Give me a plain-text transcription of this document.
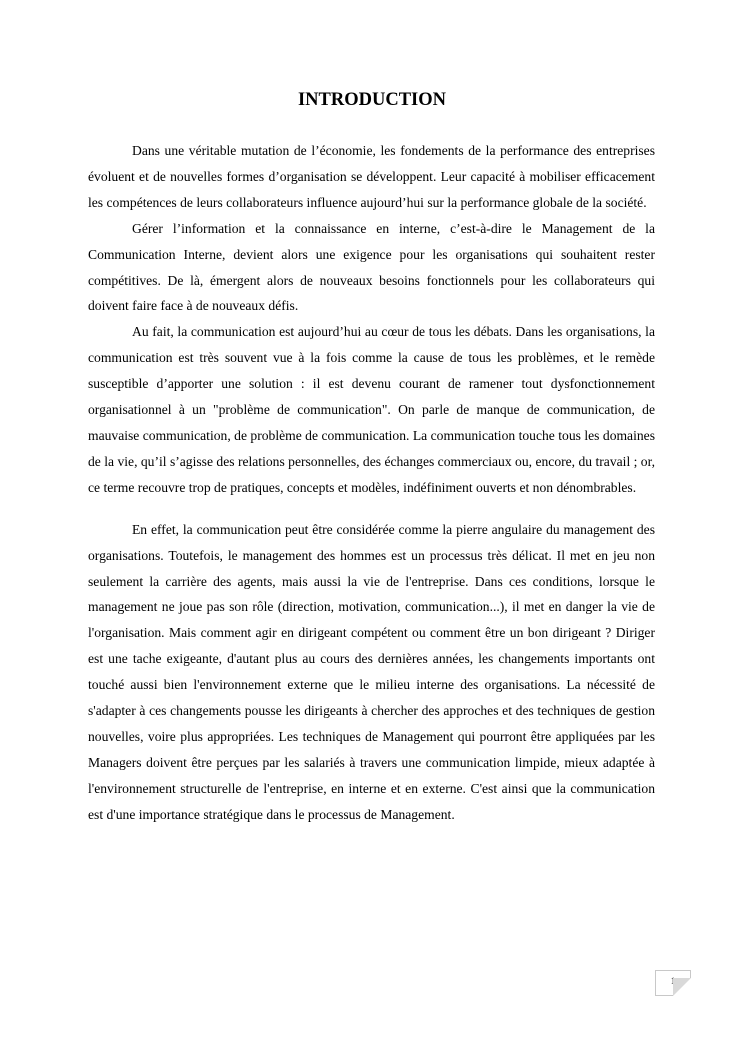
INTRODUCTION

Dans une véritable mutation de l’économie, les fondements de la performance des entreprises évoluent et de nouvelles formes d’organisation se développent. Leur capacité à mobiliser efficacement les compétences de leurs collaborateurs influence aujourd’hui sur la performance globale de la société.

Gérer l’information et la connaissance en interne, c’est-à-dire le Management de la Communication Interne, devient alors une exigence pour les organisations qui souhaitent rester compétitives. De là, émergent alors de nouveaux besoins fonctionnels pour les collaborateurs qui doivent faire face à de nouveaux défis.

Au fait, la communication est aujourd’hui au cœur de tous les débats. Dans les organisations, la communication est très souvent vue à la fois comme la cause de tous les problèmes, et le remède susceptible d’apporter une solution : il est devenu courant de ramener tout dysfonctionnement organisationnel à un "problème de communication". On parle de manque de communication, de mauvaise communication, de problème de communication. La communication touche tous les domaines de la vie, qu’il s’agisse des relations personnelles, des échanges commerciaux ou, encore, du travail ; or, ce terme recouvre trop de pratiques, concepts et modèles, indéfiniment ouverts et non dénombrables.

En effet, la communication peut être considérée comme la pierre angulaire du management des organisations. Toutefois, le management des hommes est un processus très délicat. Il met en jeu non seulement la carrière des agents, mais aussi la vie de l'entreprise. Dans ces conditions, lorsque le management ne joue pas son rôle (direction, motivation, communication...), il met en danger la vie de l'organisation. Mais comment agir en dirigeant compétent ou comment être un bon dirigeant ? Diriger est une tache exigeante, d'autant plus au cours des dernières années, les changements importants ont touché aussi bien l'environnement externe que le milieu interne des organisations. La nécessité de s'adapter à ces changements pousse les dirigeants à chercher des approches et des techniques de gestion nouvelles, voire plus appropriées. Les techniques de Management qui pourront être appliquées par les Managers doivent être perçues par les salariés à travers une communication limpide, mieux adaptée à l'environnement structurelle de l'entreprise, en interne et en externe. C'est ainsi que la communication est d'une importance stratégique dans le processus de Management.

1
